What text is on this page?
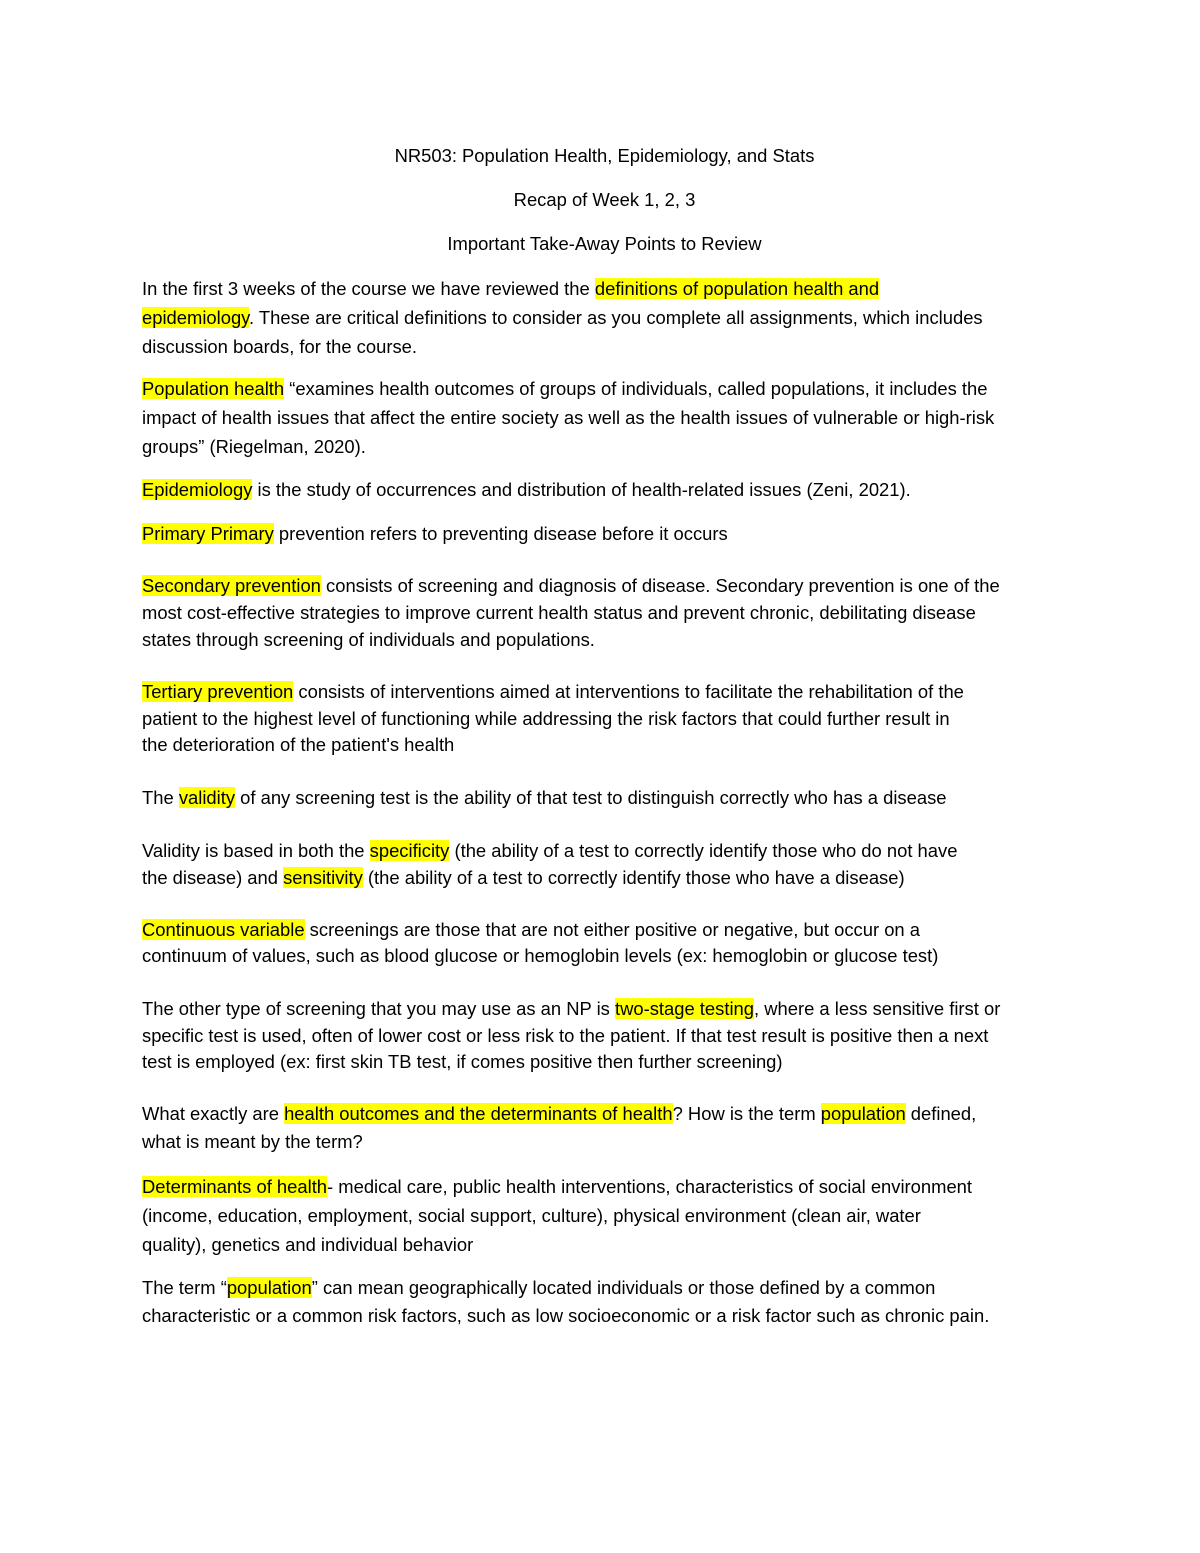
NR503: Population Health, Epidemiology, and Stats
Recap of Week 1, 2, 3
Important Take-Away Points to Review
In the first 3 weeks of the course we have reviewed the definitions of population health and
epidemiology. These are critical definitions to consider as you complete all assignments, which includes
discussion boards, for the course.
Population health “examines health outcomes of groups of individuals, called populations, it includes the
impact of health issues that affect the entire society as well as the health issues of vulnerable or high-risk
groups” (Riegelman, 2020).
Epidemiology is the study of occurrences and distribution of health-related issues (Zeni, 2021).
Primary Primary prevention refers to preventing disease before it occurs
Secondary prevention consists of screening and diagnosis of disease. Secondary prevention is one of the
most cost-effective strategies to improve current health status and prevent chronic, debilitating disease
states through screening of individuals and populations.
Tertiary prevention consists of interventions aimed at interventions to facilitate the rehabilitation of the
patient to the highest level of functioning while addressing the risk factors that could further result in
the deterioration of the patient's health
The validity of any screening test is the ability of that test to distinguish correctly who has a disease
Validity is based in both the specificity (the ability of a test to correctly identify those who do not have
the disease) and sensitivity (the ability of a test to correctly identify those who have a disease)
Continuous variable screenings are those that are not either positive or negative, but occur on a
continuum of values, such as blood glucose or hemoglobin levels (ex: hemoglobin or glucose test)
The other type of screening that you may use as an NP is two-stage testing, where a less sensitive first or
specific test is used, often of lower cost or less risk to the patient. If that test result is positive then a next
test is employed (ex: first skin TB test, if comes positive then further screening)
What exactly are health outcomes and the determinants of health? How is the term population defined,
what is meant by the term?
Determinants of health- medical care, public health interventions, characteristics of social environment
(income, education, employment, social support, culture), physical environment (clean air, water
quality), genetics and individual behavior
The term “population” can mean geographically located individuals or those defined by a common
characteristic or a common risk factors, such as low socioeconomic or a risk factor such as chronic pain.
